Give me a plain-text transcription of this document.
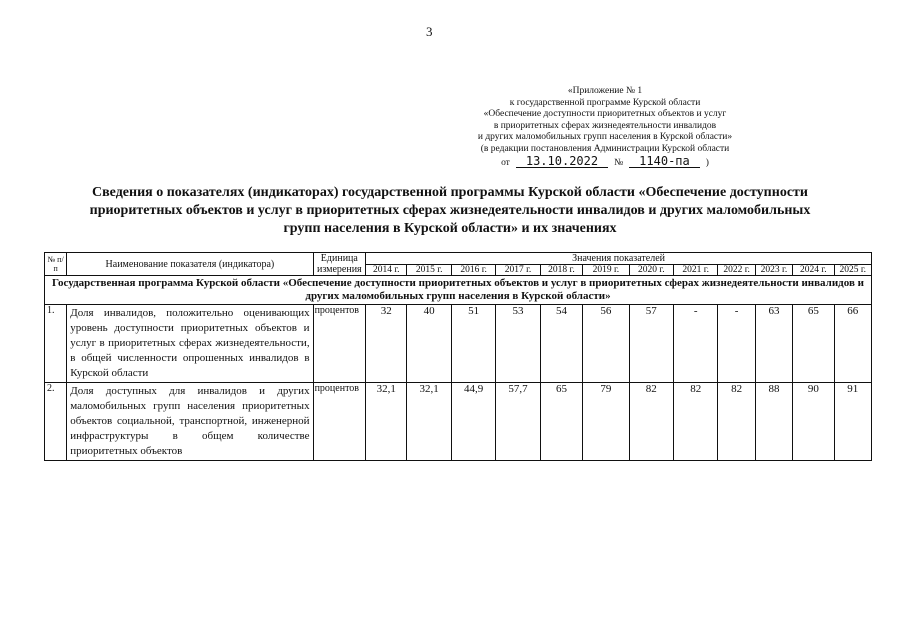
3
«Приложение № 1
к государственной программе Курской области
«Обеспечение доступности приоритетных объектов и услуг
в приоритетных сферах жизнедеятельности инвалидов
и других маломобильных групп населения в Курской области»
(в редакции постановления Администрации Курской области
от	13.10.2022	№	1140-па	)
Сведения о показателях (индикаторах) государственной программы Курской области «Обеспечение доступности
приоритетных объектов и услуг в приоритетных сферах жизнедеятельности инвалидов и других маломобильных
групп населения в Курской области» и их значениях
№ п/п	Наименование показателя (индикатора)	Единица измерения	Значения показателей											
			2014 г.	2015 г.	2016 г.	2017 г.	2018 г.	2019 г.	2020 г.	2021 г.	2022 г.	2023 г.	2024 г.	2025 г.
Государственная программа Курской области «Обеспечение доступности приоритетных объектов и услуг в приоритетных сферах жизнедеятельности инвалидов и других маломобильных групп населения в Курской области»														
1.	Доля инвалидов, положительно оценивающих уровень доступности приоритетных объектов и услуг в приоритетных сферах жизнедеятельности, в общей численности опрошенных инвалидов в Курской области	процентов	32	40	51	53	54	56	57	-	-	63	65	66
2.	Доля доступных для инвалидов и других маломобильных групп населения приоритетных объектов социальной, транспортной, инженерной инфраструктуры в общем количестве приоритетных объектов	процентов	32,1	32,1	44,9	57,7	65	79	82	82	82	88	90	91
